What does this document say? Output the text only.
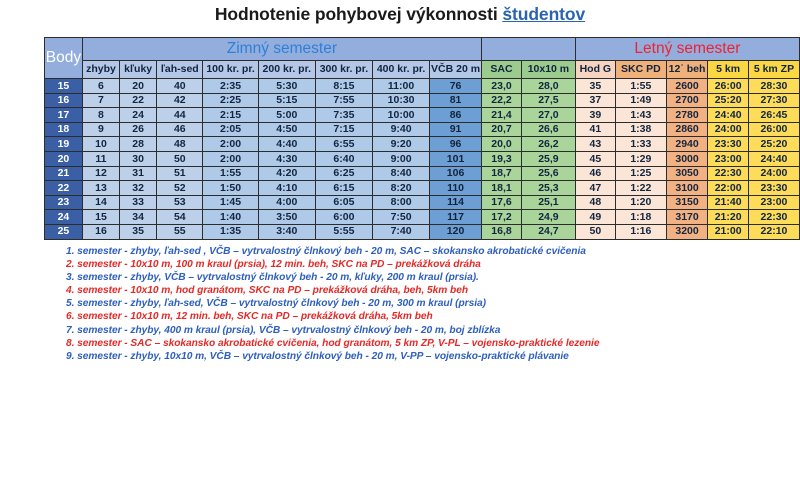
Hodnotenie pohybovej výkonnosti študentov
Body	Zimný semester										Letný semester				
	zhyby	kľuky	ľah-sed	100 kr. pr.	200 kr. pr.	300 kr. pr.	400 kr. pr.	VČB 20 m	SAC	10x10 m	Hod G	SKC PD	12˙ beh	5 km	5 km ZP
15	6	20	40	2:35	5:30	8:15	11:00	76	23,0	28,0	35	1:55	2600	26:00	28:30
16	7	22	42	2:25	5:15	7:55	10:30	81	22,2	27,5	37	1:49	2700	25:20	27:30
17	8	24	44	2:15	5:00	7:35	10:00	86	21,4	27,0	39	1:43	2780	24:40	26:45
18	9	26	46	2:05	4:50	7:15	9:40	91	20,7	26,6	41	1:38	2860	24:00	26:00
19	10	28	48	2:00	4:40	6:55	9:20	96	20,0	26,2	43	1:33	2940	23:30	25:20
20	11	30	50	2:00	4:30	6:40	9:00	101	19,3	25,9	45	1:29	3000	23:00	24:40
21	12	31	51	1:55	4:20	6:25	8:40	106	18,7	25,6	46	1:25	3050	22:30	24:00
22	13	32	52	1:50	4:10	6:15	8:20	110	18,1	25,3	47	1:22	3100	22:00	23:30
23	14	33	53	1:45	4:00	6:05	8:00	114	17,6	25,1	48	1:20	3150	21:40	23:00
24	15	34	54	1:40	3:50	6:00	7:50	117	17,2	24,9	49	1:18	3170	21:20	22:30
25	16	35	55	1:35	3:40	5:55	7:40	120	16,8	24,7	50	1:16	3200	21:00	22:10
1. semester - zhyby, ľah-sed , VČB – vytrvalostný člnkový beh - 20 m, SAC – skokansko akrobatické cvičenia
2. semester - 10x10 m, 100 m kraul (prsia), 12 min. beh, SKC na PD – prekážková dráha
3. semester - zhyby, VČB – vytrvalostný člnkový beh - 20 m, kľuky, 200 m kraul (prsia).
4. semester - 10x10 m, hod granátom, SKC na PD – prekážková dráha, beh, 5km beh
5. semester - zhyby, ľah-sed, VČB – vytrvalostný člnkový beh - 20 m, 300 m kraul (prsia)
6. semester - 10x10 m, 12 min. beh, SKC na PD – prekážková dráha, 5km beh
7. semester - zhyby, 400 m kraul (prsia), VČB – vytrvalostný člnkový beh - 20 m, boj zblízka
8. semester - SAC – skokansko akrobatické cvičenia, hod granátom, 5 km ZP, V-PL – vojensko-praktické lezenie
9. semester - zhyby, 10x10 m, VČB – vytrvalostný člnkový beh - 20 m, V-PP – vojensko-praktické plávanie
